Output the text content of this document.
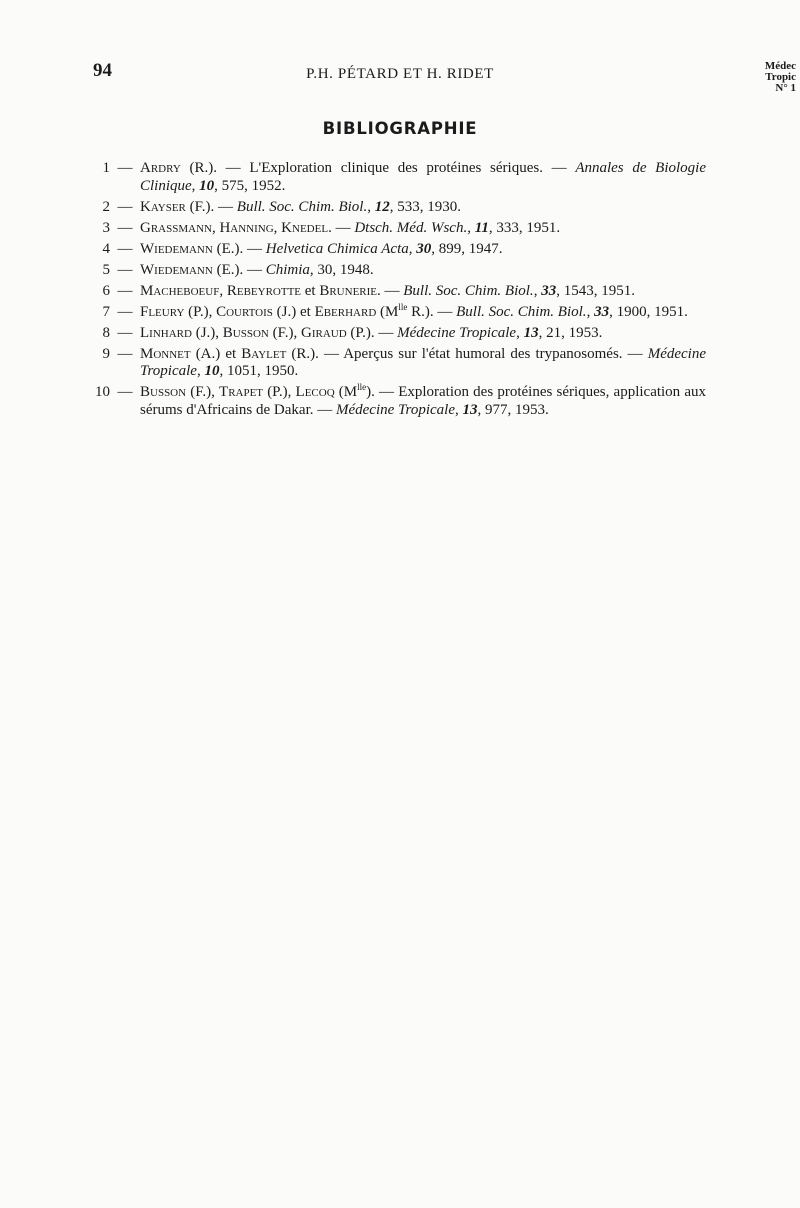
94	P.H. PÉTARD ET H. RIDET	Médec
Tropic
N° 1
BIBLIOGRAPHIE
1 — Ardry (R.). — L'Exploration clinique des protéines sériques. — Annales de Biologie Clinique, 10, 575, 1952.
2 — Kayser (F.). — Bull. Soc. Chim. Biol., 12, 533, 1930.
3 — Grassmann, Hanning, Knedel. — Dtsch. Méd. Wsch., 11, 333, 1951.
4 — Wiedemann (E.). — Helvetica Chimica Acta, 30, 899, 1947.
5 — Wiedemann (E.). — Chimia, 30, 1948.
6 — Macheboeuf, Rebeyrotte et Brunerie. — Bull. Soc. Chim. Biol., 33, 1543, 1951.
7 — Fleury (P.), Courtois (J.) et Eberhard ($M^{lle}$ R.). — Bull. Soc. Chim. Biol., 33, 1900, 1951.
8 — Linhard (J.), Busson (F.), Giraud (P.). — Médecine Tropicale, 13, 21, 1953.
9 — Monnet (A.) et Baylet (R.). — Aperçus sur l'état humoral des trypanosomés. — Médecine Tropicale, 10, 1051, 1950.
10 — Busson (F.), Trapet (P.), Lecoq $(M^{lle})$. — Exploration des protéines sériques, application aux sérums d'Africains de Dakar. — Médecine Tropicale, 13, 977, 1953.
